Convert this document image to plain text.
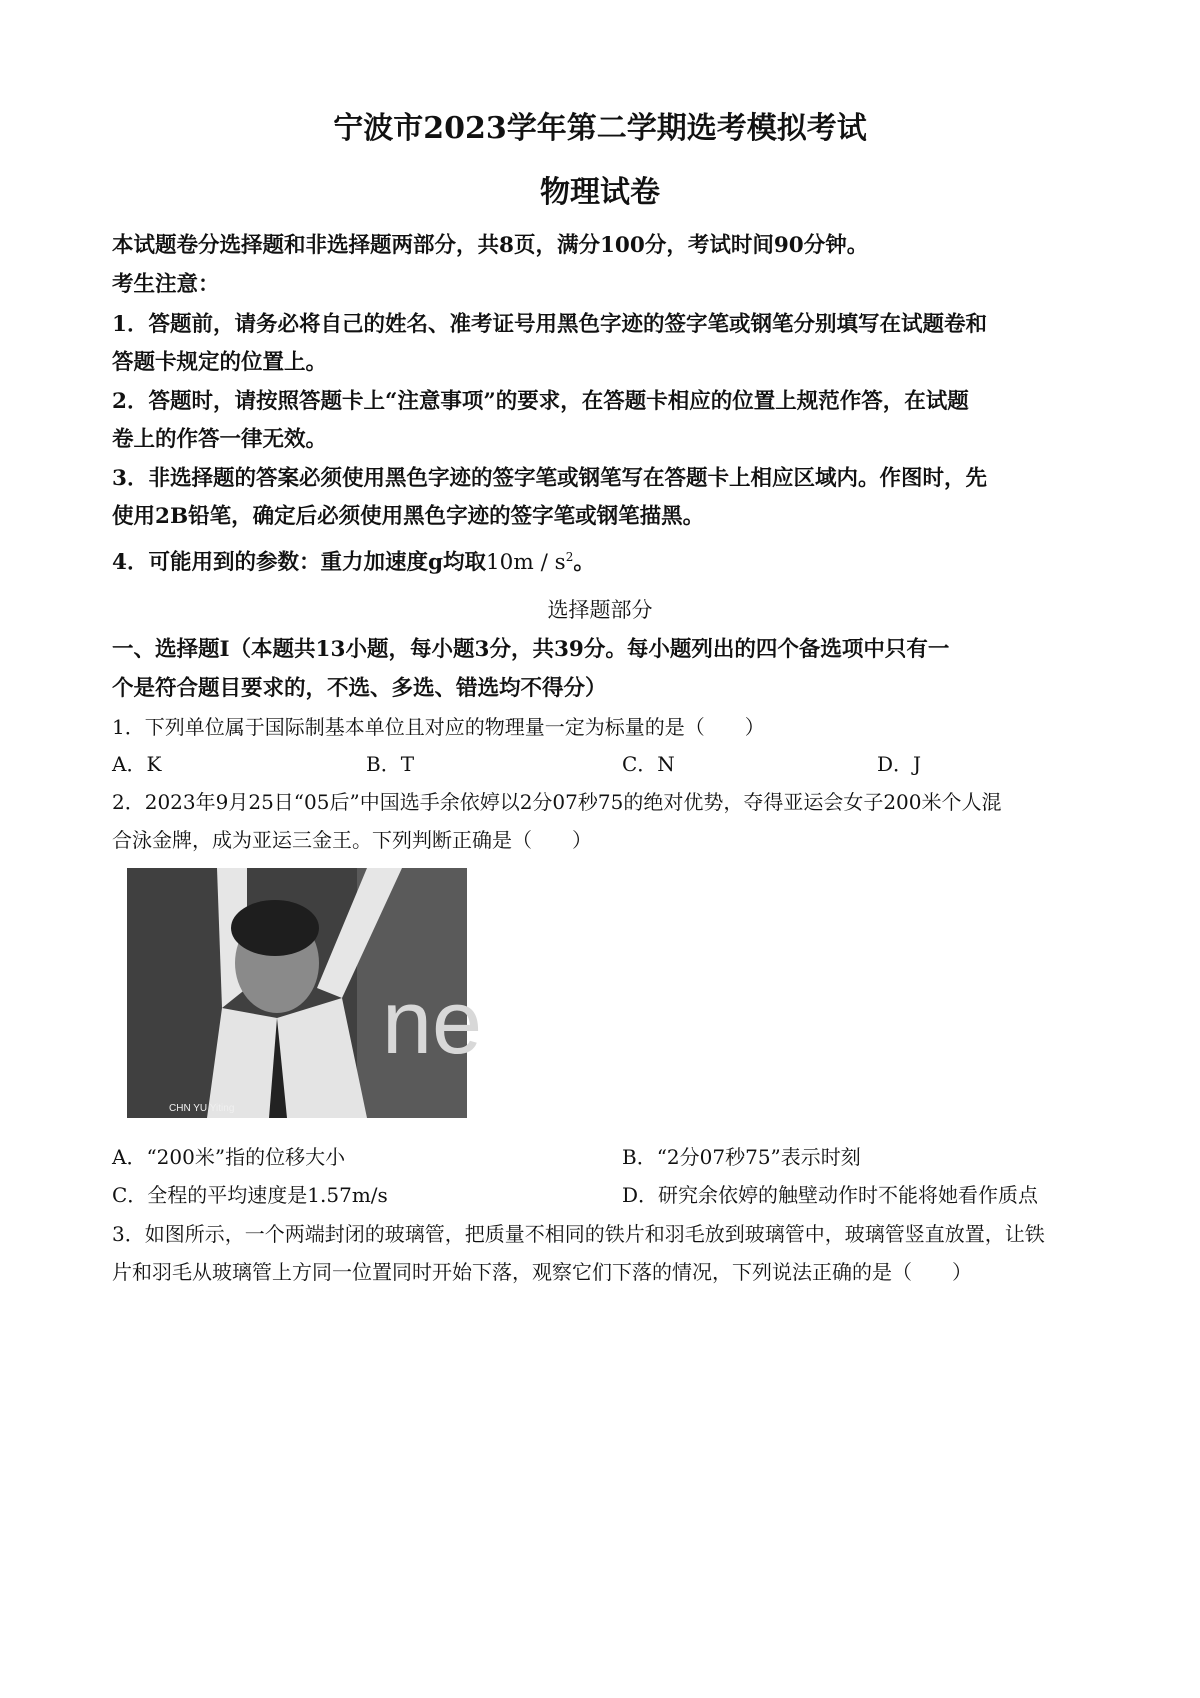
宁波市2023学年第二学期选考模拟考试
物理试卷
本试题卷分选择题和非选择题两部分，共8页，满分100分，考试时间90分钟。
考生注意：
1．答题前，请务必将自己的姓名、准考证号用黑色字迹的签字笔或钢笔分别填写在试题卷和
答题卡规定的位置上。
2．答题时，请按照答题卡上“注意事项”的要求，在答题卡相应的位置上规范作答，在试题
卷上的作答一律无效。
3．非选择题的答案必须使用黑色字迹的签字笔或钢笔写在答题卡上相应区域内。作图时，先
使用2B铅笔，确定后必须使用黑色字迹的签字笔或钢笔描黑。
4．可能用到的参数：重力加速度g均取$10m / s^2$。
选择题部分
一、选择题Ⅰ（本题共13小题，每小题3分，共39分。每小题列出的四个备选项中只有一
个是符合题目要求的，不选、多选、错选均不得分）
1．下列单位属于国际制基本单位且对应的物理量一定为标量的是（　　）
A．K	B．T	C．N	D．J
2．2023年9月25日“05后”中国选手余依婷以2分07秒75的绝对优势，夺得亚运会女子200米个人混
合泳金牌，成为亚运三金王。下列判断正确是（　　）
ne
CHN YU Yiting
A．“200米”指的位移大小	B．“2分07秒75”表示时刻
C．全程的平均速度是1.57m/s	D．研究余依婷的触壁动作时不能将她看作质点
3．如图所示，一个两端封闭的玻璃管，把质量不相同的铁片和羽毛放到玻璃管中，玻璃管竖直放置，让铁
片和羽毛从玻璃管上方同一位置同时开始下落，观察它们下落的情况，下列说法正确的是（　　）
